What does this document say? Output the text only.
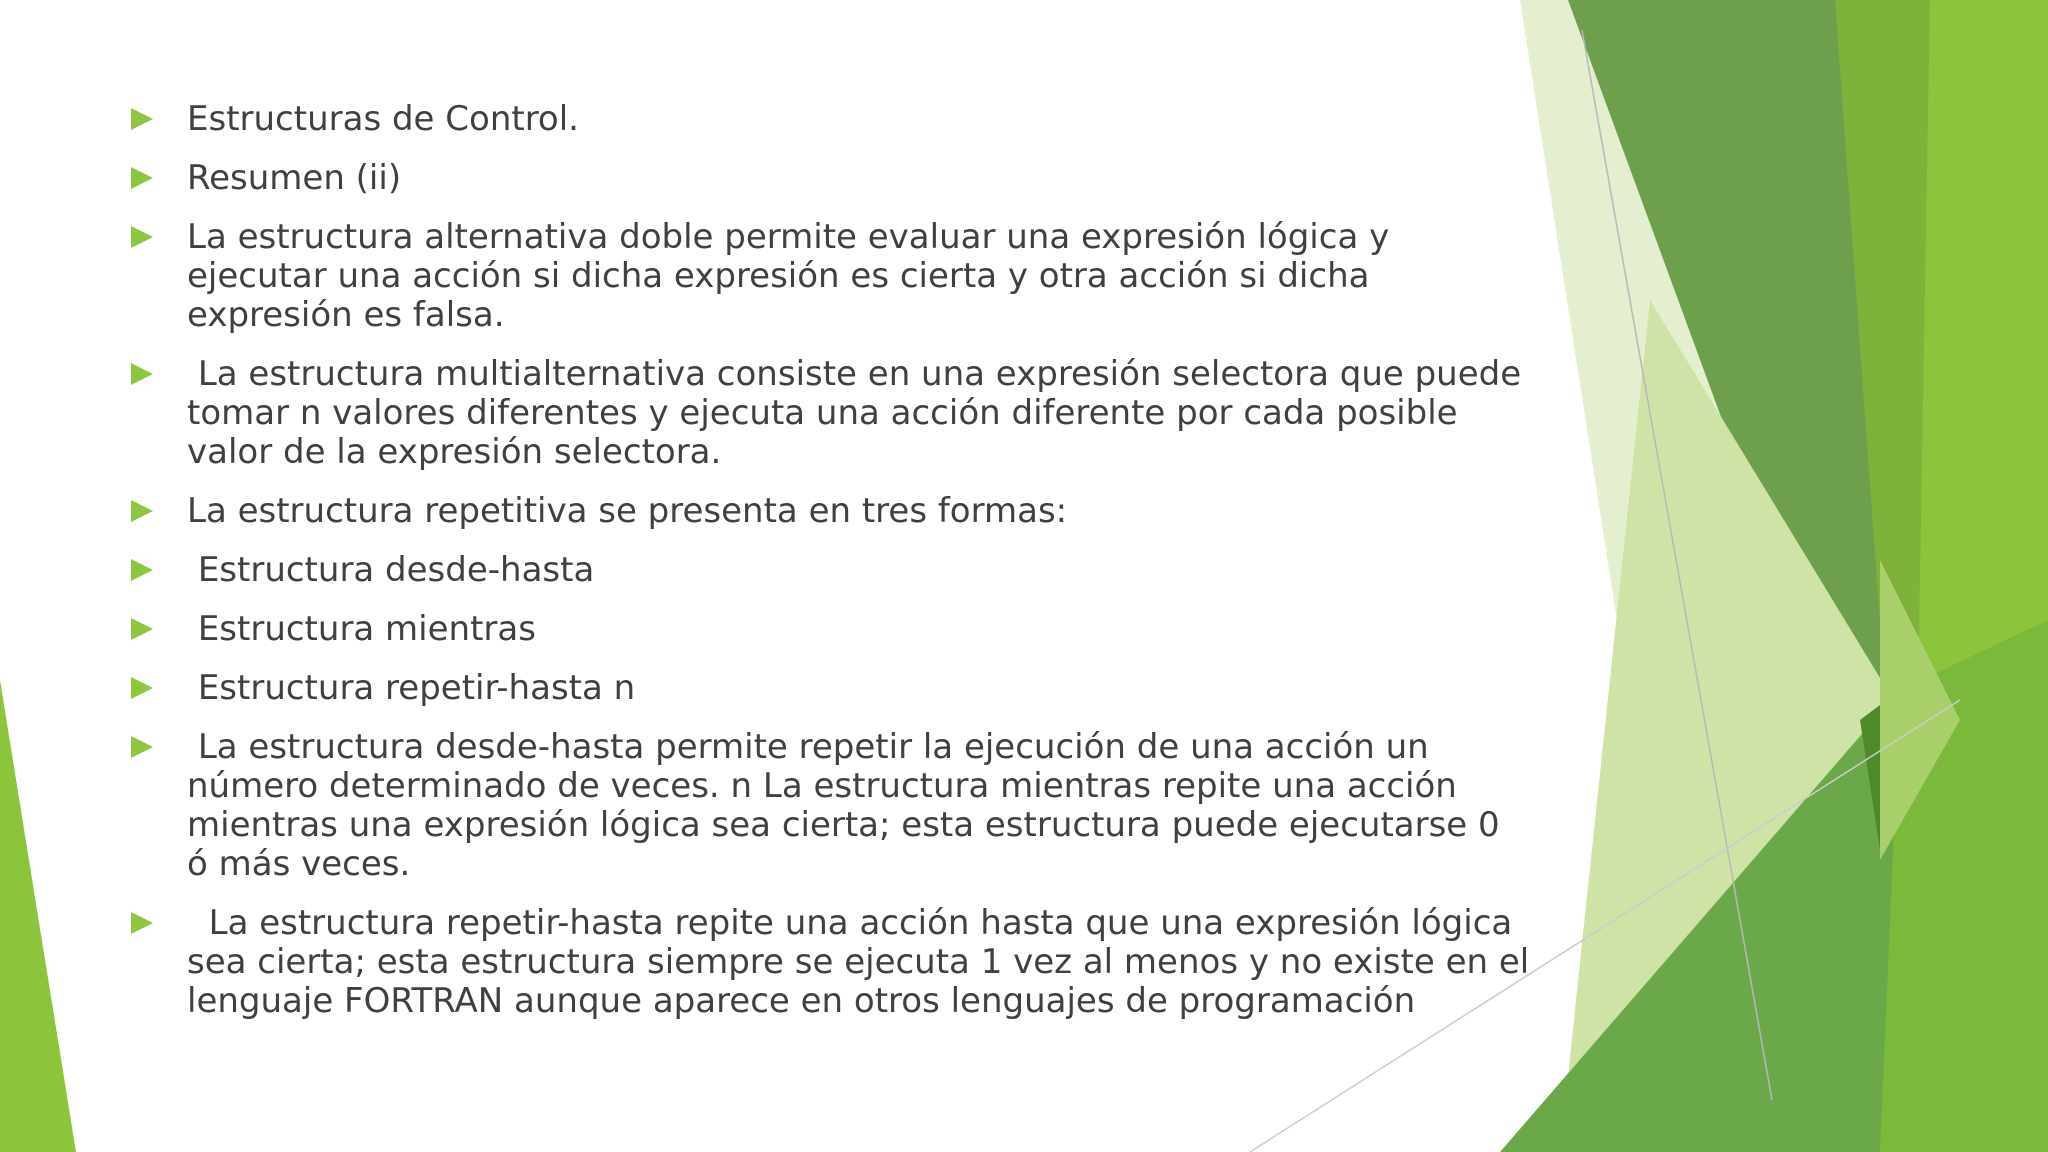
Estructuras de Control.
Resumen (ii)
La estructura alternativa doble permite evaluar una expresión lógica y ejecutar una acción si dicha expresión es cierta y otra acción si dicha expresión es falsa.
La estructura multialternativa consiste en una expresión selectora que puede tomar n valores diferentes y ejecuta una acción diferente por cada posible valor de la expresión selectora.
La estructura repetitiva se presenta en tres formas:
Estructura desde-hasta
Estructura mientras
Estructura repetir-hasta n
La estructura desde-hasta permite repetir la ejecución de una acción un número determinado de veces. n La estructura mientras repite una acción mientras una expresión lógica sea cierta; esta estructura puede ejecutarse 0 ó más veces.
La estructura repetir-hasta repite una acción hasta que una expresión lógica sea cierta; esta estructura siempre se ejecuta 1 vez al menos y no existe en el lenguaje FORTRAN aunque aparece en otros lenguajes de programación
